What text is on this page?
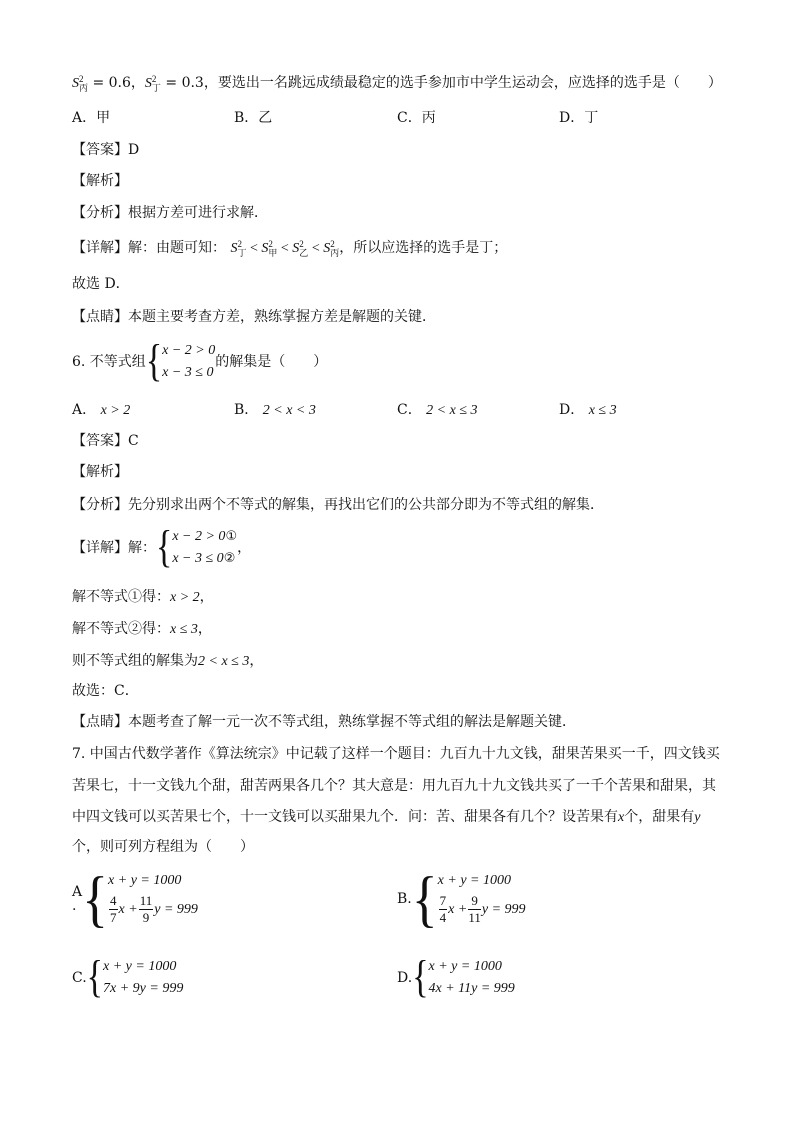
S 2
丙 = 0.6，S 2
丁 = 0.3，要选出一名跳远成绩最稳定的选手参加市中学生运动会，应选择的选手是（　　）
A．甲	B．乙	C．丙	D．丁
【答案】D
【解析】
【分析】根据方差可进行求解．
【详解】解：由题可知： S 2
丁 < S 2
甲 < S 2
乙 < S 2
丙 ，所以应选择的选手是丁；
故选 D．
【点睛】本题主要考查方差，熟练掌握方差是解题的关键．
6. 不等式组{ x − 2 > 0
x − 3 ≤ 0
的解集是（　　）
A． x > 2	B． 2 < x < 3	C． 2 < x ≤ 3	D． x ≤ 3
【答案】C
【解析】
【分析】先分别求出两个不等式的解集，再找出它们的公共部分即为不等式组的解集．
【详解】解：{ x − 2 > 0①
x − 3 ≤ 0②
，
解不等式①得：x > 2，
解不等式②得：x ≤ 3，
则不等式组的解集为2 < x ≤ 3，
故选：C．
【点睛】本题考查了解一元一次不等式组，熟练掌握不等式组的解法是解题关键．
7. 中国古代数学著作《算法统宗》中记载了这样一个题目：九百九十九文钱，甜果苦果买一千，四文钱买
苦果七，十一文钱九个甜，甜苦两果各几个？其大意是：用九百九十九文钱共买了一千个苦果和甜果，其
中四文钱可以买苦果七个，十一文钱可以买甜果九个．问：苦、甜果各有几个？设苦果有x个，甜果有y
个，则可列方程组为（　　）
A
. { x + y = 1000
$\frac{4}{7}$ $x + \frac{11}{9}$ y = 999
B.{ x + y = 1000
$\frac{7}{4}$ $x + \frac{9}{11}$ y = 999
C.{ x + y = 1000
7x + 9y = 999
D.{ x + y = 1000
4x + 11y = 999
